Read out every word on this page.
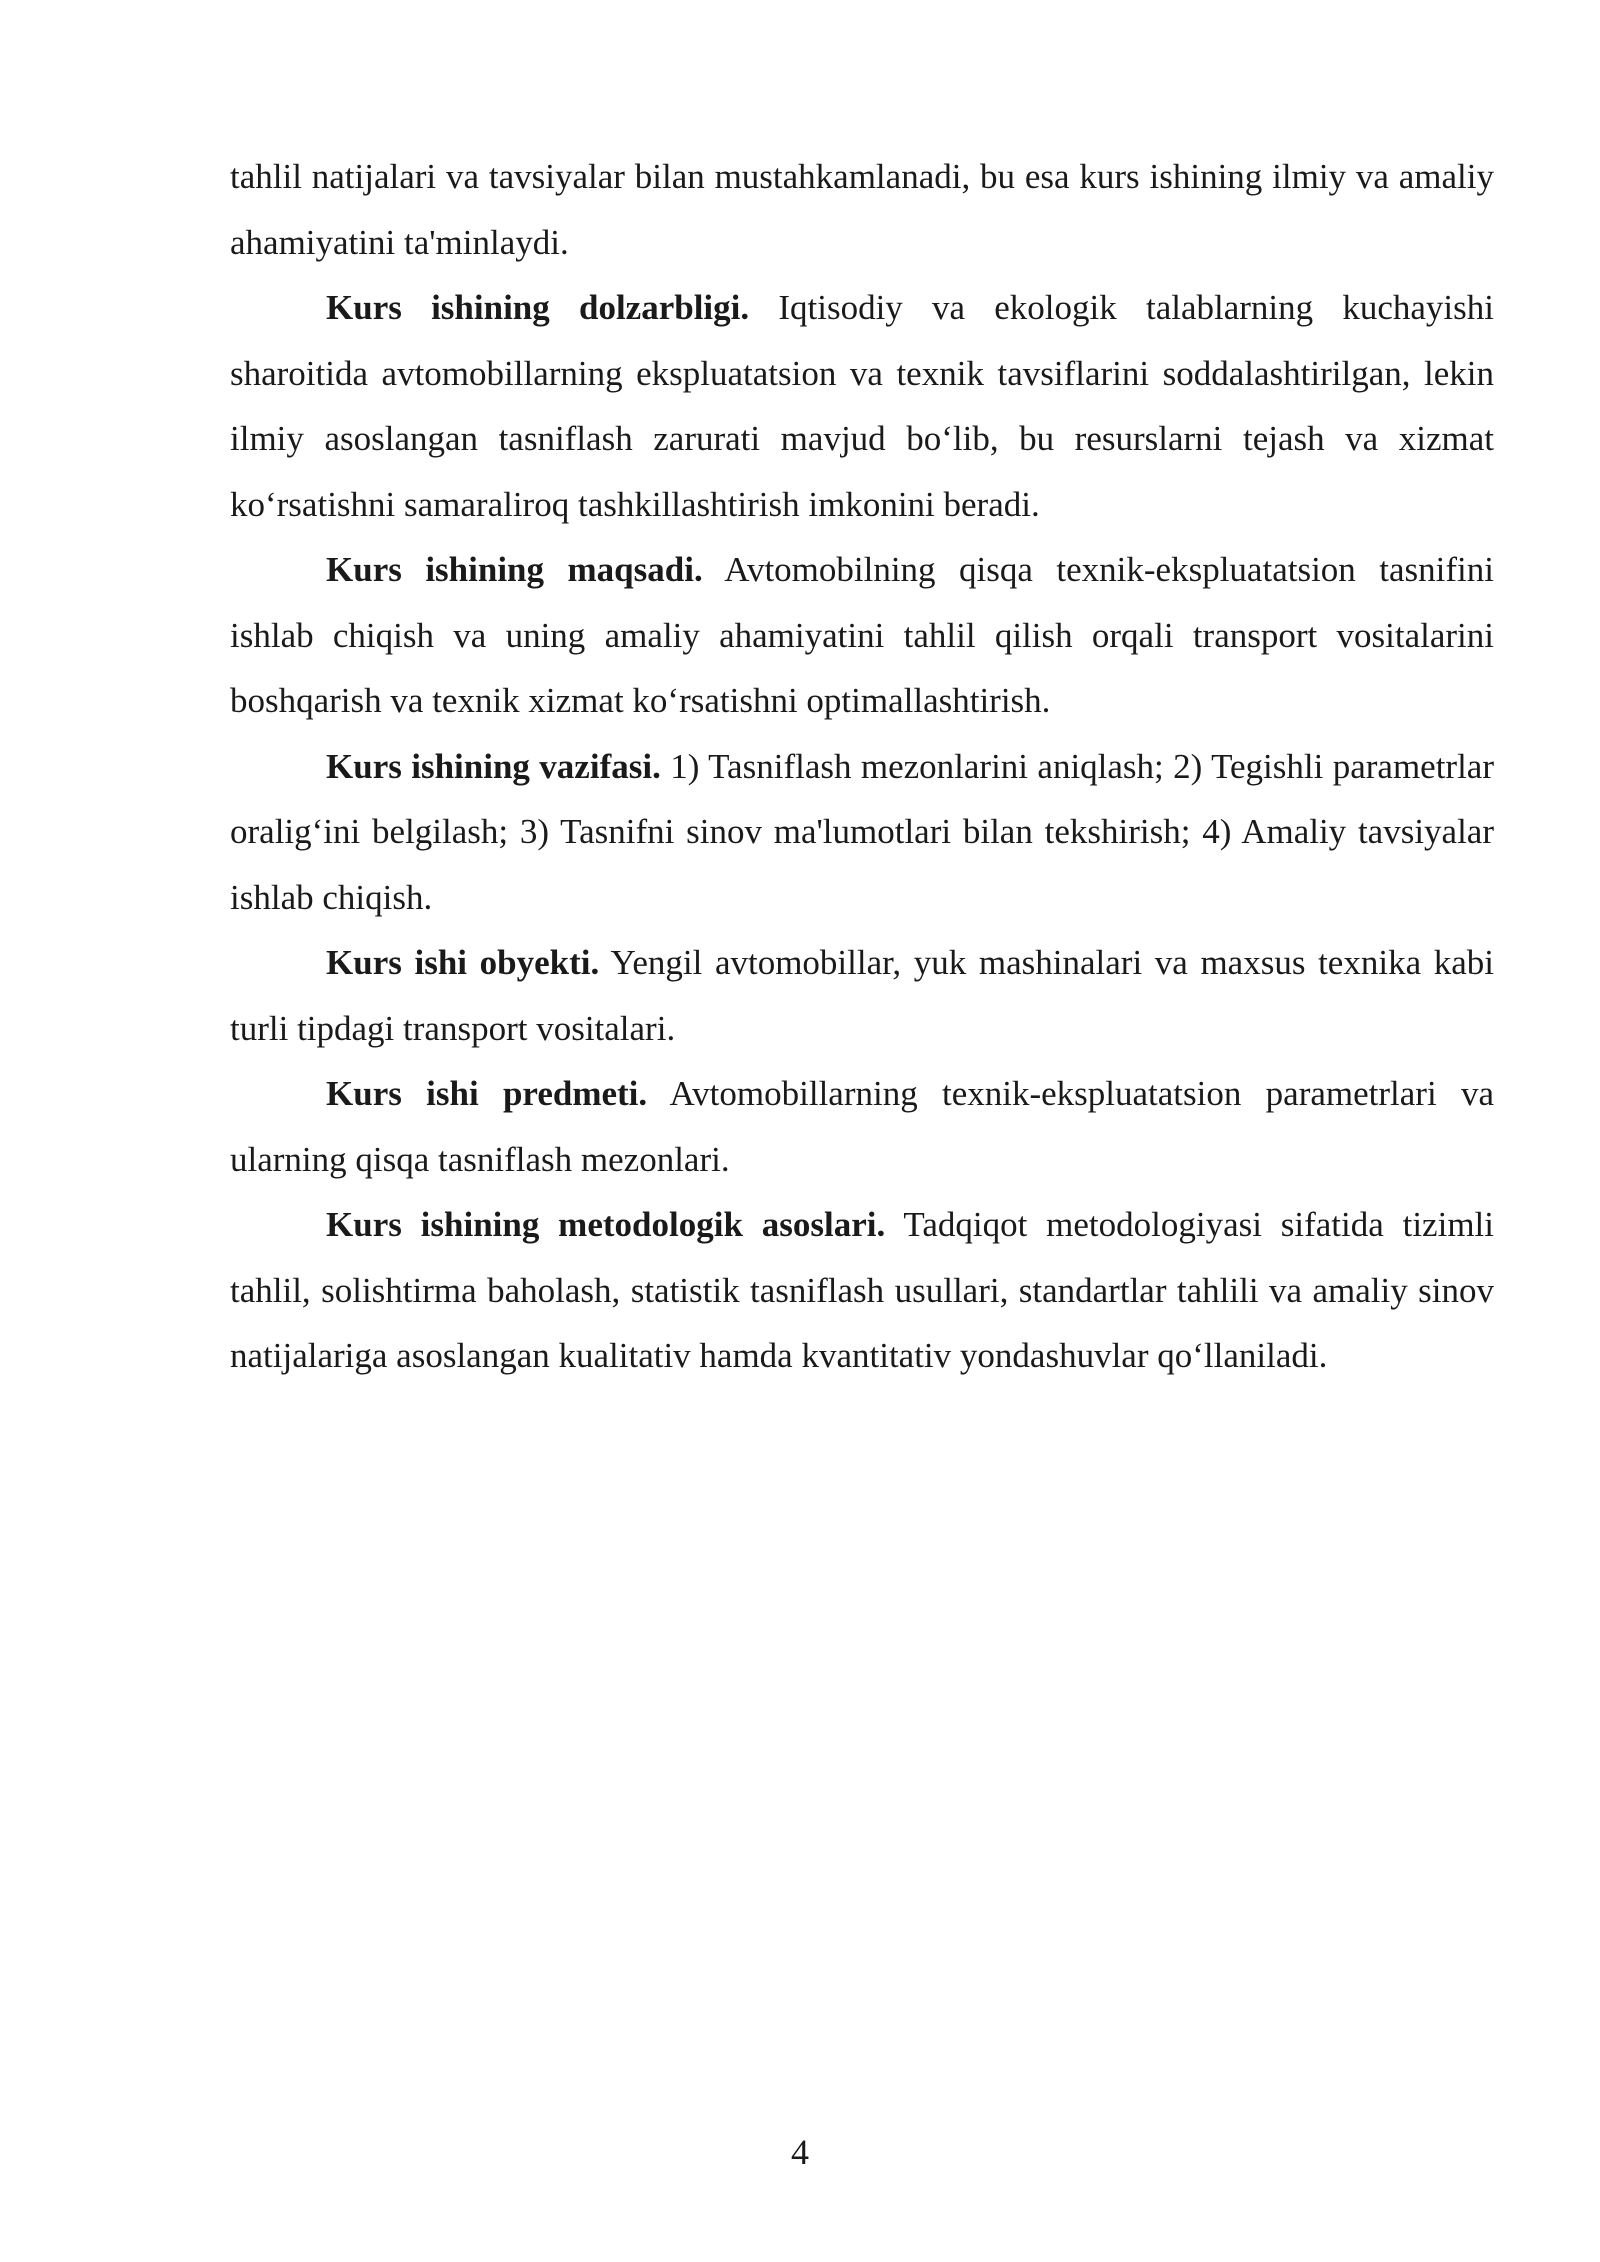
tahlil natijalari va tavsiyalar bilan mustahkamlanadi, bu esa kurs ishining ilmiy va amaliy ahamiyatini ta'minlaydi.

Kurs ishining dolzarbligi. Iqtisodiy va ekologik talablarning kuchayishi sharoitida avtomobillarning ekspluatatsion va texnik tavsiflarini soddalashtirilgan, lekin ilmiy asoslangan tasniflash zarurati mavjud bo‘lib, bu resurslarni tejash va xizmat ko‘rsatishni samaraliroq tashkillashtirish imkonini beradi.

Kurs ishining maqsadi. Avtomobilning qisqa texnik-ekspluatatsion tasnifini ishlab chiqish va uning amaliy ahamiyatini tahlil qilish orqali transport vositalarini boshqarish va texnik xizmat ko‘rsatishni optimallashtirish.

Kurs ishining vazifasi. 1) Tasniflash mezonlarini aniqlash; 2) Tegishli parametrlar oralig‘ini belgilash; 3) Tasnifni sinov ma'lumotlari bilan tekshirish; 4) Amaliy tavsiyalar ishlab chiqish.

Kurs ishi obyekti. Yengil avtomobillar, yuk mashinalari va maxsus texnika kabi turli tipdagi transport vositalari.

Kurs ishi predmeti. Avtomobillarning texnik-ekspluatatsion parametrlari va ularning qisqa tasniflash mezonlari.

Kurs ishining metodologik asoslari. Tadqiqot metodologiyasi sifatida tizimli tahlil, solishtirma baholash, statistik tasniflash usullari, standartlar tahlili va amaliy sinov natijalariga asoslangan kualitativ hamda kvantitativ yondashuvlar qo‘llaniladi.

4
